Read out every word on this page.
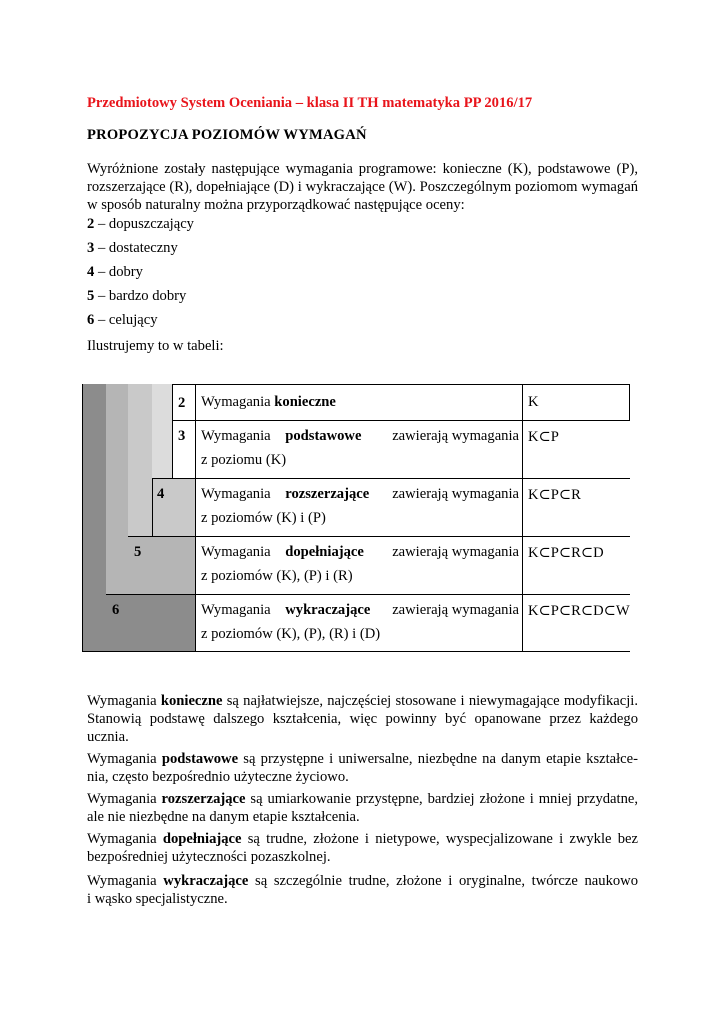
Przedmiotowy System Oceniania – klasa II TH matematyka PP 2016/17
PROPOZYCJA POZIOMÓW WYMAGAŃ
Wyróżnione zostały następujące wymagania programowe: konieczne (K), podstawowe (P),
rozszerzające (R), dopełniające (D) i wykraczające (W). Poszczególnym poziomom wymagań
w sposób naturalny można przyporządkować następujące oceny:
2 – dopuszczający
3 – dostateczny
4 – dobry
5 – bardzo dobry
6 – celujący
Ilustrujemy to w tabeli:
2
3
4
5
6
Wymagania konieczne
Wymagania    podstawowe zawierają wymagania
z poziomu (K)
Wymagania    rozszerzające zawierają wymagania
z poziomów (K) i (P)
Wymagania    dopełniające zawierają wymagania
z poziomów (K), (P) i (R)
Wymagania    wykraczające zawierają wymagania
z poziomów (K), (P), (R) i (D)
K
K⊂P
K⊂P⊂R
K⊂P⊂R⊂D
K⊂P⊂R⊂D⊂W
Wymagania konieczne są najłatwiejsze, najczęściej stosowane i niewymagające modyfikacji.
Stanowią podstawę dalszego kształcenia, więc powinny być opanowane przez każdego
ucznia.
Wymagania podstawowe są przystępne i uniwersalne, niezbędne na danym etapie kształce-
nia, często bezpośrednio użyteczne życiowo.
Wymagania rozszerzające są umiarkowanie przystępne, bardziej złożone i mniej przydatne,
ale nie niezbędne na danym etapie kształcenia.
Wymagania dopełniające są trudne, złożone i nietypowe, wyspecjalizowane i zwykle bez
bezpośredniej użyteczności pozaszkolnej.
Wymagania wykraczające są szczególnie trudne, złożone i oryginalne, twórcze naukowo
i wąsko specjalistyczne.
